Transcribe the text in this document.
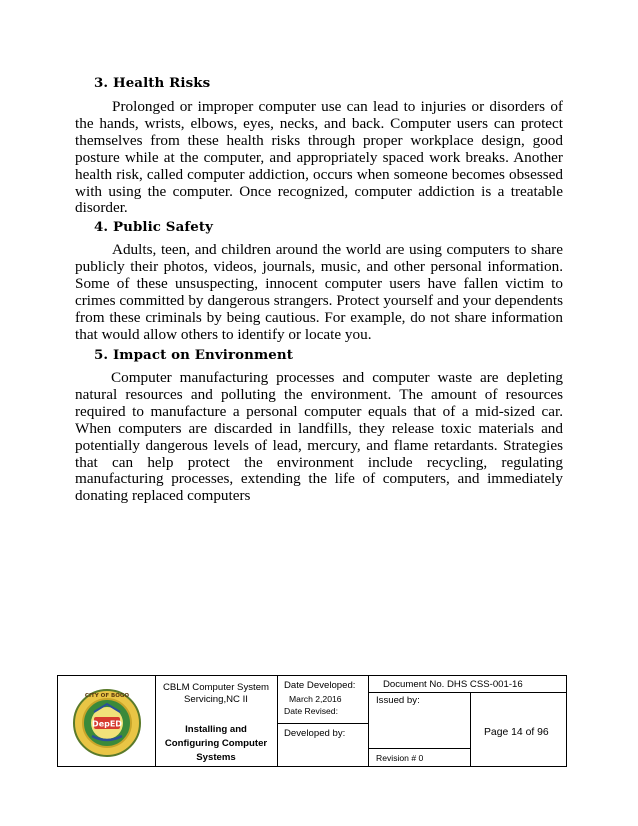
3. Health Risks

Prolonged or improper computer use can lead to injuries or disorders of the hands, wrists, elbows, eyes, necks, and back. Computer users can protect themselves from these health risks through proper workplace design, good posture while at the computer, and appropriately spaced work breaks. Another health risk, called computer addiction, occurs when someone becomes obsessed with using the computer. Once recognized, computer addiction is a treatable disorder.

4. Public Safety

Adults, teen, and children around the world are using computers to share publicly their photos, videos, journals, music, and other personal information. Some of these unsuspecting, innocent computer users have fallen victim to crimes committed by dangerous strangers. Protect yourself and your dependents from these criminals by being cautious. For example, do not share information that would allow others to identify or locate you.

5. Impact on Environment

Computer manufacturing processes and computer waste are depleting natural resources and polluting the environment. The amount of resources required to manufacture a personal computer equals that of a mid-sized car. When computers are discarded in landfills, they release toxic materials and potentially dangerous levels of lead, mercury, and flame retardants. Strategies that can help protect the environment include recycling, regulating manufacturing processes, extending the life of computers, and immediately donating replaced computers

DepED
CITY OF BOGO
CBLM Computer System
Servicing,NC II
Installing and
Configuring Computer
Systems
Date Developed:
March 2,2016
Date Revised:
Developed by:
Document No. DHS CSS-001-16
Issued by:
Page 14 of 96
Revision # 0
